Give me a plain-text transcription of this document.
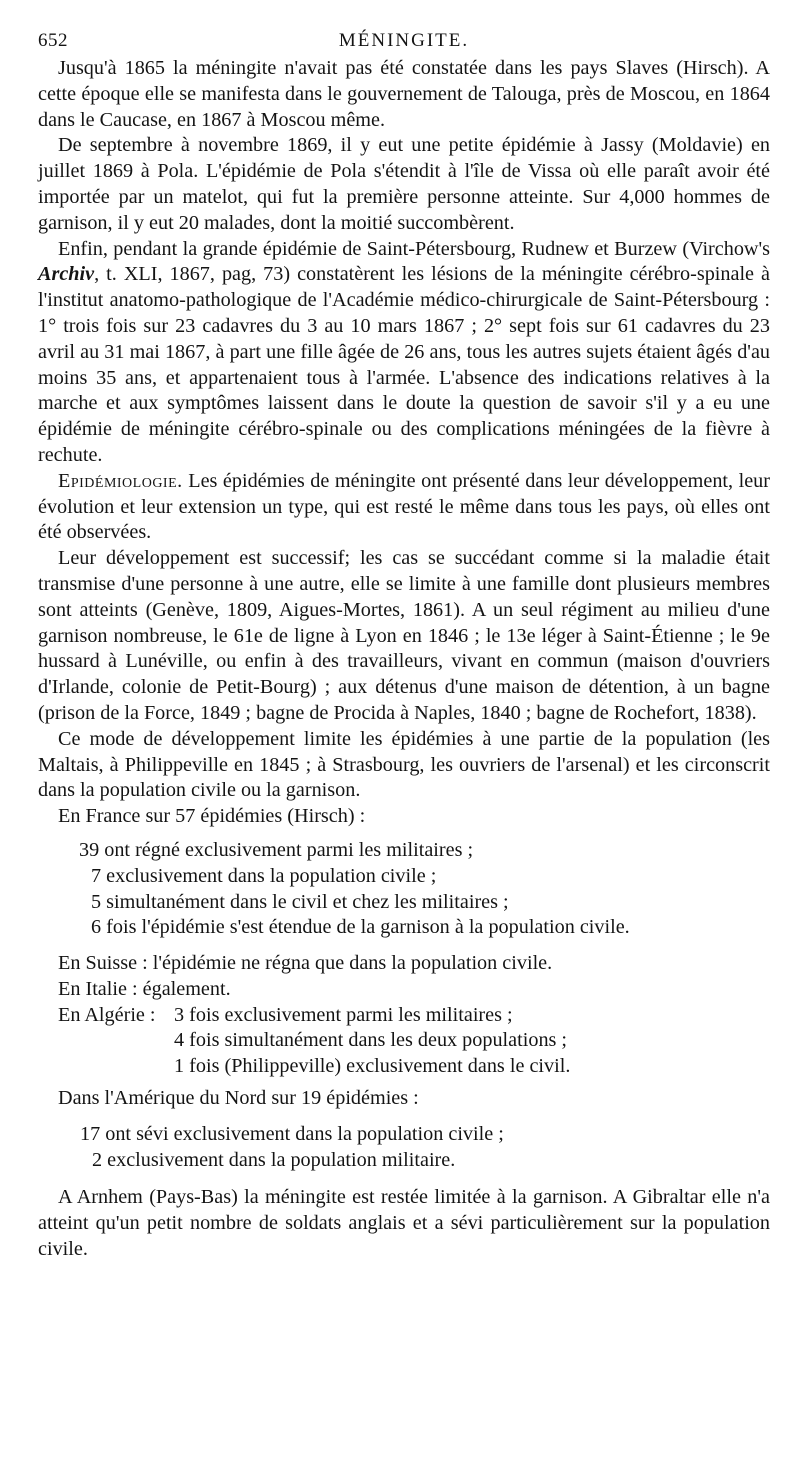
652	MÉNINGITE.

Jusqu'à 1865 la méningite n'avait pas été constatée dans les pays Slaves (Hirsch). A cette époque elle se manifesta dans le gouvernement de Talouga, près de Moscou, en 1864 dans le Caucase, en 1867 à Moscou même.

De septembre à novembre 1869, il y eut une petite épidémie à Jassy (Moldavie) en juillet 1869 à Pola. L'épidémie de Pola s'étendit à l'île de Vissa où elle paraît avoir été importée par un matelot, qui fut la première personne atteinte. Sur 4,000 hommes de garnison, il y eut 20 malades, dont la moitié succombèrent.

Enfin, pendant la grande épidémie de Saint-Pétersbourg, Rudnew et Burzew (Virchow's Archiv, t. XLI, 1867, pag, 73) constatèrent les lésions de la méningite cérébro-spinale à l'institut anatomo-pathologique de l'Académie médico-chirurgicale de Saint-Pétersbourg : 1° trois fois sur 23 cadavres du 3 au 10 mars 1867 ; 2° sept fois sur 61 cadavres du 23 avril au 31 mai 1867, à part une fille âgée de 26 ans, tous les autres sujets étaient âgés d'au moins 35 ans, et appartenaient tous à l'armée. L'absence des indications relatives à la marche et aux symptômes laissent dans le doute la question de savoir s'il y a eu une épidémie de méningite cérébro-spinale ou des complications méningées de la fièvre à rechute.

Epidémiologie. Les épidémies de méningite ont présenté dans leur développement, leur évolution et leur extension un type, qui est resté le même dans tous les pays, où elles ont été observées.

Leur développement est successif; les cas se succédant comme si la maladie était transmise d'une personne à une autre, elle se limite à une famille dont plusieurs membres sont atteints (Genève, 1809, Aigues-Mortes, 1861). A un seul régiment au milieu d'une garnison nombreuse, le 61e de ligne à Lyon en 1846 ; le 13e léger à Saint-Étienne ; le 9e hussard à Lunéville, ou enfin à des travailleurs, vivant en commun (maison d'ouvriers d'Irlande, colonie de Petit-Bourg) ; aux détenus d'une maison de détention, à un bagne (prison de la Force, 1849 ; bagne de Procida à Naples, 1840 ; bagne de Rochefort, 1838).

Ce mode de développement limite les épidémies à une partie de la population (les Maltais, à Philippeville en 1845 ; à Strasbourg, les ouvriers de l'arsenal) et les circonscrit dans la population civile ou la garnison.

En France sur 57 épidémies (Hirsch) :

39 ont régné exclusivement parmi les militaires ;
7 exclusivement dans la population civile ;
5 simultanément dans le civil et chez les militaires ;
6 fois l'épidémie s'est étendue de la garnison à la population civile.
En Suisse : l'épidémie ne régna que dans la population civile.
En Italie : également.
En Algérie : 3 fois exclusivement parmi les militaires ;
4 fois simultanément dans les deux populations ;
1 fois (Philippeville) exclusivement dans le civil.

Dans l'Amérique du Nord sur 19 épidémies :

17 ont sévi exclusivement dans la population civile ;
2 exclusivement dans la population militaire.

A Arnhem (Pays-Bas) la méningite est restée limitée à la garnison. A Gibraltar elle n'a atteint qu'un petit nombre de soldats anglais et a sévi particulièrement sur la population civile.
